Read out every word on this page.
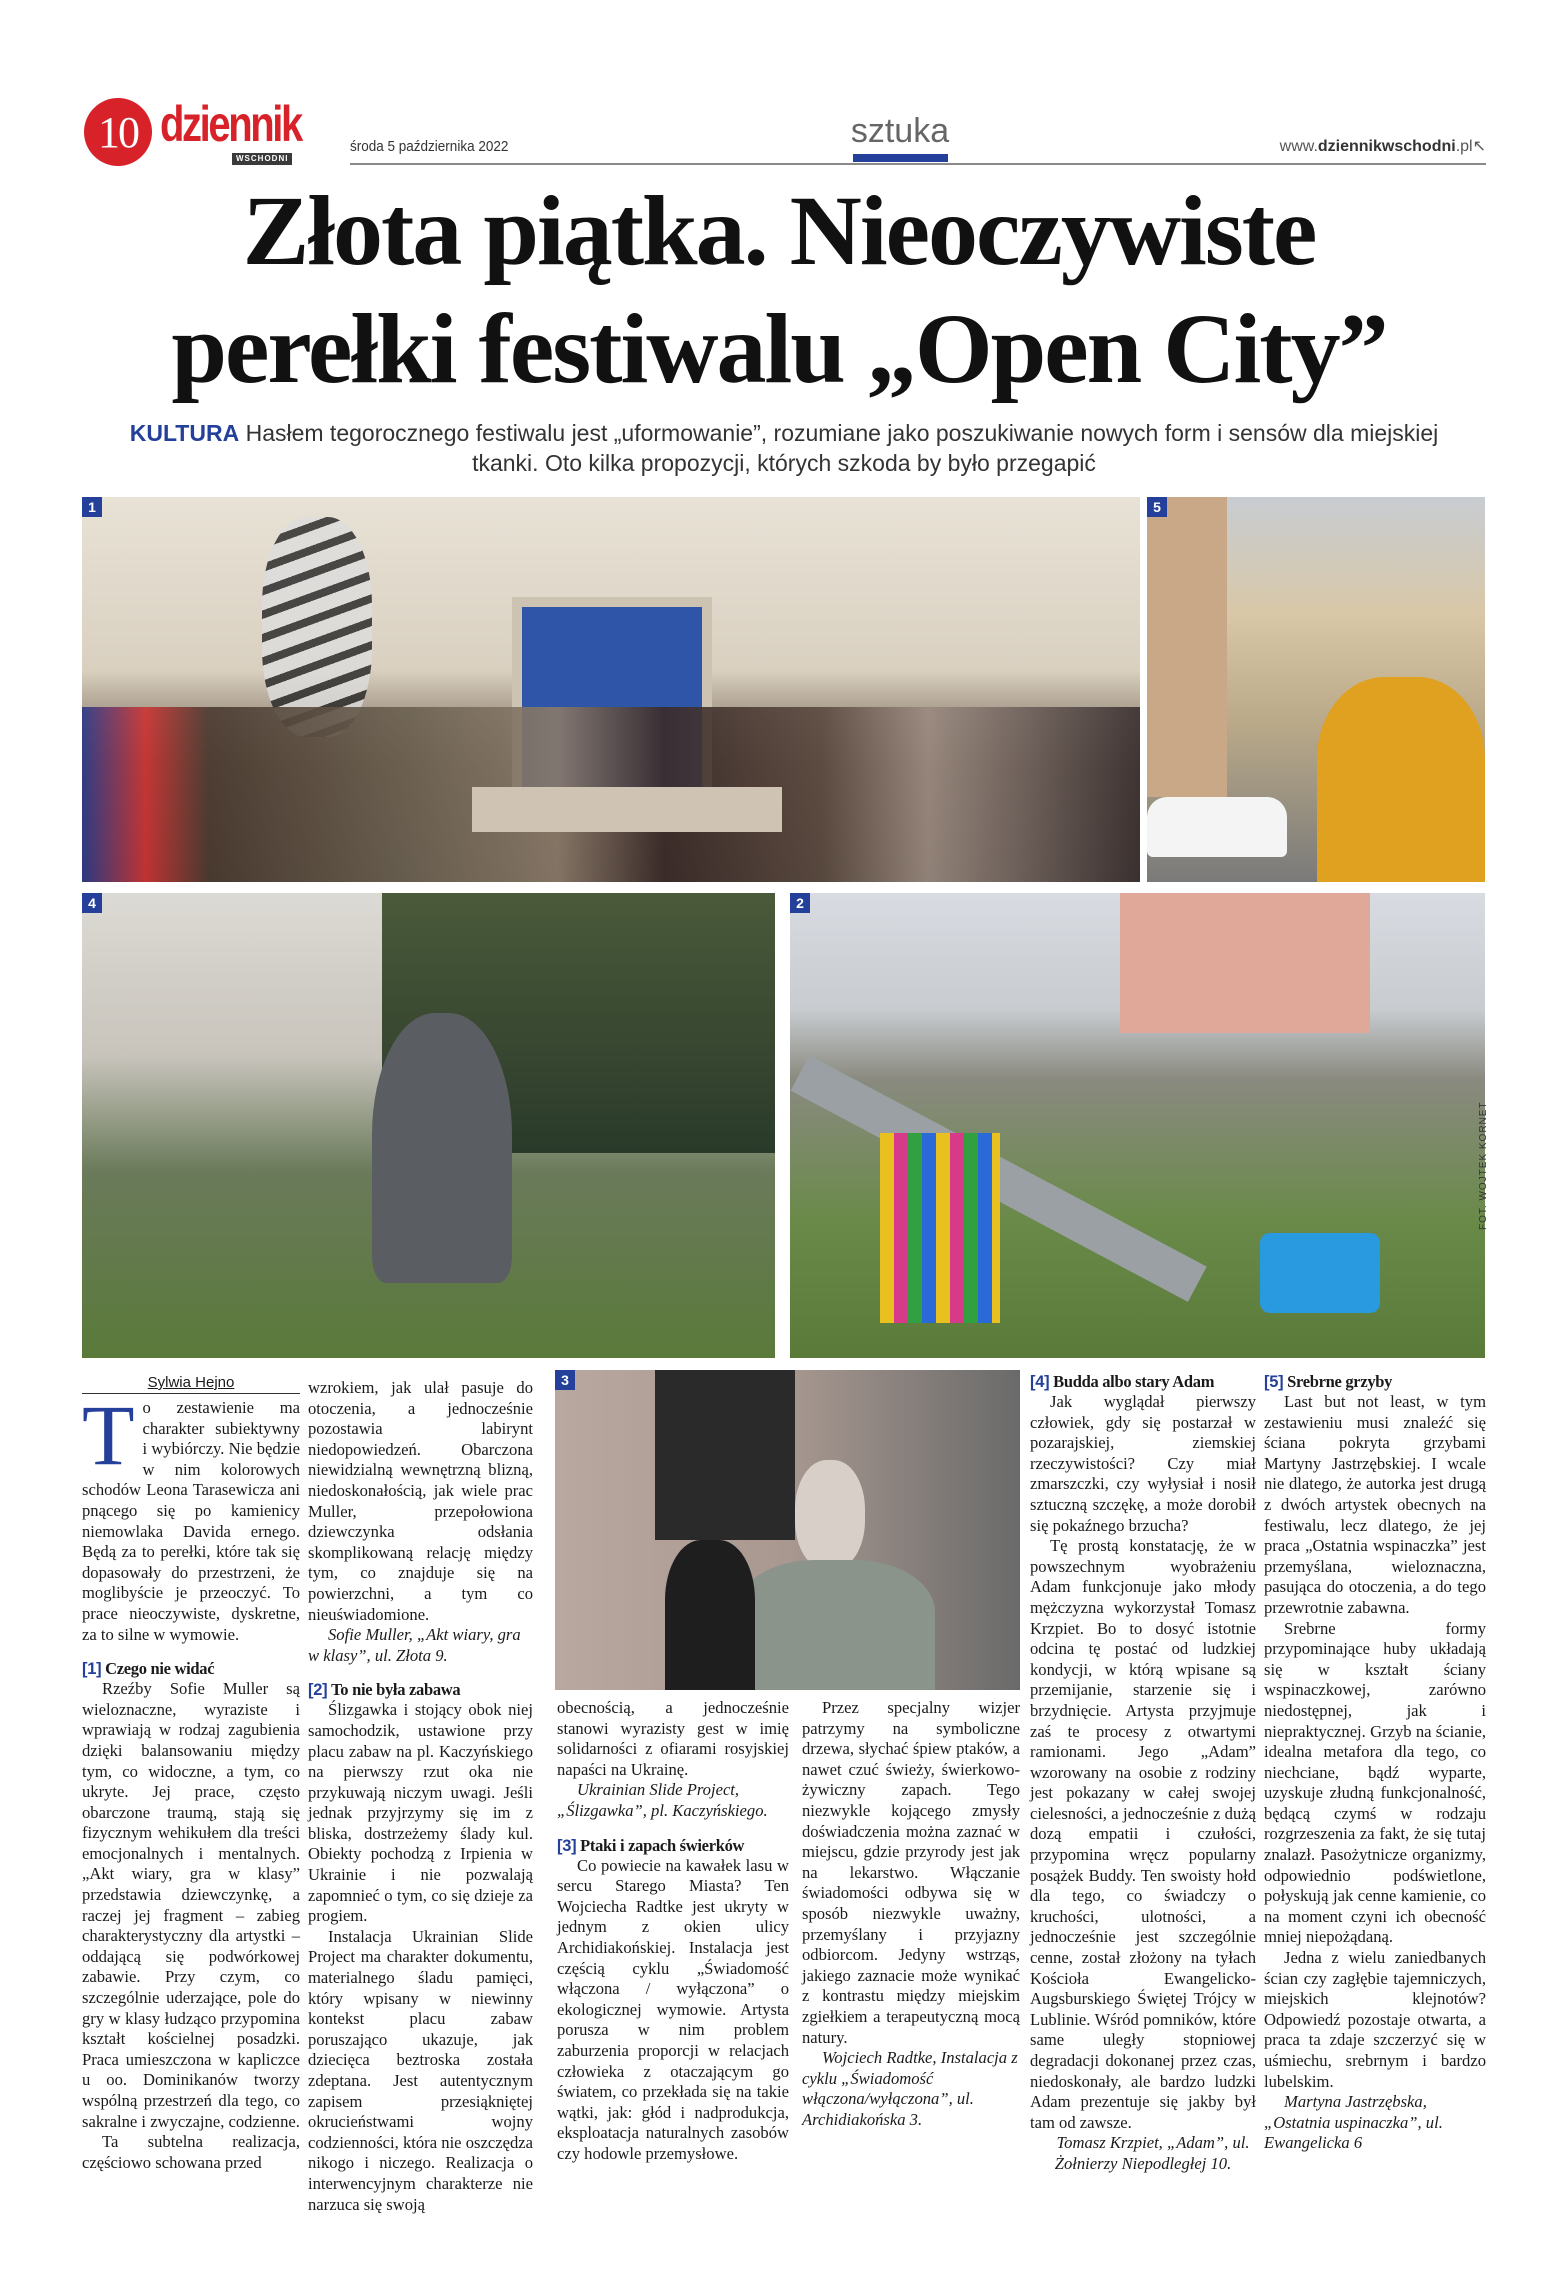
10 dziennik
WSCHODNI
środa 5 października 2022	sztuka	www.dziennikwschodni.pl↖
Złota piątka. Nieoczywiste
perełki festiwalu „Open City”
KULTURA Hasłem tegorocznego festiwalu jest „uformowanie”, rozumiane jako poszukiwanie nowych form i sensów dla miejskiej tkanki. Oto kilka propozycji, których szkoda by było przegapić
1	5
4	2
3
FOT. WOJTEK KORNET
Sylwia Hejno

To zestawienie ma charakter subiektywny i wybiórczy. Nie będzie w nim kolorowych schodów Leona Tarasewicza ani pnącego się po kamienicy niemowlaka Davida ernego. Będą za to perełki, które tak się dopasowały do przestrzeni, że moglibyście je przeoczyć. To prace nieoczywiste, dyskretne, za to silne w wymowie.

[1] Czego nie widać

Rzeźby Sofie Muller są wieloznaczne, wyraziste i wprawiają w rodzaj zagubienia dzięki balansowaniu między tym, co widoczne, a tym, co ukryte. Jej prace, często obarczone traumą, stają się fizycznym wehikułem dla treści emocjonalnych i mentalnych. „Akt wiary, gra w klasy” przedstawia dziewczynkę, a raczej jej fragment – zabieg charakterystyczny dla artystki – oddającą się podwórkowej zabawie. Przy czym, co szczególnie uderzające, pole do gry w klasy łudząco przypomina kształt kościelnej posadzki. Praca umieszczona w kapliczce u oo. Dominikanów tworzy wspólną przestrzeń dla tego, co sakralne i zwyczajne, codzienne.

Ta subtelna realizacja, częściowo schowana przed

wzrokiem, jak ulał pasuje do otoczenia, a jednocześnie pozostawia labirynt niedopowiedzeń. Obarczona niewidzialną wewnętrzną blizną, niedoskonałością, jak wiele prac Muller, przepołowiona dziewczynka odsłania skomplikowaną relację między tym, co znajduje się na powierzchni, a tym co nieuświadomione.

Sofie Muller, „Akt wiary, gra w klasy”, ul. Złota 9.

[2] To nie była zabawa

Ślizgawka i stojący obok niej samochodzik, ustawione przy placu zabaw na pl. Kaczyńskiego na pierwszy rzut oka nie przykuwają niczym uwagi. Jeśli jednak przyjrzymy się im z bliska, dostrzeżemy ślady kul. Obiekty pochodzą z Irpienia w Ukrainie i nie pozwalają zapomnieć o tym, co się dzieje za progiem.

Instalacja Ukrainian Slide Project ma charakter dokumentu, materialnego śladu pamięci, który wpisany w niewinny kontekst placu zabaw poruszająco ukazuje, jak dziecięca beztroska została zdeptana. Jest autentycznym zapisem przesiąkniętej okrucieństwami wojny codzienności, która nie oszczędza nikogo i niczego. Realizacja o interwencyjnym charakterze nie narzuca się swoją

obecnością, a jednocześnie stanowi wyrazisty gest w imię solidarności z ofiarami rosyjskiej napaści na Ukrainę.

Ukrainian Slide Project, „Ślizgawka”, pl. Kaczyńskiego.

[3] Ptaki i zapach świerków

Co powiecie na kawałek lasu w sercu Starego Miasta? Ten Wojciecha Radtke jest ukryty w jednym z okien ulicy Archidiakońskiej. Instalacja jest częścią cyklu „Świadomość włączona / wyłączona” o ekologicznej wymowie. Artysta porusza w nim problem zaburzenia proporcji w relacjach człowieka z otaczającym go światem, co przekłada się na takie wątki, jak: głód i nadprodukcja, eksploatacja naturalnych zasobów czy hodowle przemysłowe.

Przez specjalny wizjer patrzymy na symboliczne drzewa, słychać śpiew ptaków, a nawet czuć świeży, świerkowo-żywiczny zapach. Tego niezwykle kojącego zmysły doświadczenia można zaznać w miejscu, gdzie przyrody jest jak na lekarstwo. Włączanie świadomości odbywa się w sposób niezwykle uważny, przemyślany i przyjazny odbiorcom. Jedyny wstrząs, jakiego zaznacie może wynikać z kontrastu między miejskim zgiełkiem a terapeutyczną mocą natury.

Wojciech Radtke, Instalacja z cyklu „Świadomość włączona/wyłączona”, ul. Archidiakońska 3.

[4] Budda albo stary Adam

Jak wyglądał pierwszy człowiek, gdy się postarzał w pozarajskiej, ziemskiej rzeczywistości? Czy miał zmarszczki, czy wyłysiał i nosił sztuczną szczękę, a może dorobił się pokaźnego brzucha?

Tę prostą konstatację, że w powszechnym wyobrażeniu Adam funkcjonuje jako młody mężczyzna wykorzystał Tomasz Krzpiet. Bo to dosyć istotnie odcina tę postać od ludzkiej kondycji, w którą wpisane są przemijanie, starzenie się i brzydnięcie. Artysta przyjmuje zaś te procesy z otwartymi ramionami. Jego „Adam” wzorowany na osobie z rodziny jest pokazany w całej swojej cielesności, a jednocześnie z dużą dozą empatii i czułości, przypomina wręcz popularny posążek Buddy. Ten swoisty hołd dla tego, co świadczy o kruchości, ulotności, a jednocześnie jest szczególnie cenne, został złożony na tyłach Kościoła Ewangelicko-Augsburskiego Świętej Trójcy w Lublinie. Wśród pomników, które same uległy stopniowej degradacji dokonanej przez czas, niedoskonały, ale bardzo ludzki Adam prezentuje się jakby był tam od zawsze.

Tomasz Krzpiet, „Adam”, ul. Żołnierzy Niepodległej 10.

[5] Srebrne grzyby

Last but not least, w tym zestawieniu musi znaleźć się ściana pokryta grzybami Martyny Jastrzębskiej. I wcale nie dlatego, że autorka jest drugą z dwóch artystek obecnych na festiwalu, lecz dlatego, że jej praca „Ostatnia wspinaczka” jest przemyślana, wieloznaczna, pasująca do otoczenia, a do tego przewrotnie zabawna.

Srebrne formy przypominające huby układają się w kształt ściany wspinaczkowej, zarówno niedostępnej, jak i niepraktycznej. Grzyb na ścianie, idealna metafora dla tego, co niechciane, bądź wyparte, uzyskuje złudną funkcjonalność, będącą czymś w rodzaju rozgrzeszenia za fakt, że się tutaj znalazł. Pasożytnicze organizmy, odpowiednio podświetlone, połyskują jak cenne kamienie, co na moment czyni ich obecność mniej niepożądaną.

Jedna z wielu zaniedbanych ścian czy zagłębie tajemniczych, miejskich klejnotów? Odpowiedź pozostaje otwarta, a praca ta zdaje szczerzyć się w uśmiechu, srebrnym i bardzo lubelskim.

Martyna Jastrzębska, „Ostatnia uspinaczka”, ul. Ewangelicka 6
